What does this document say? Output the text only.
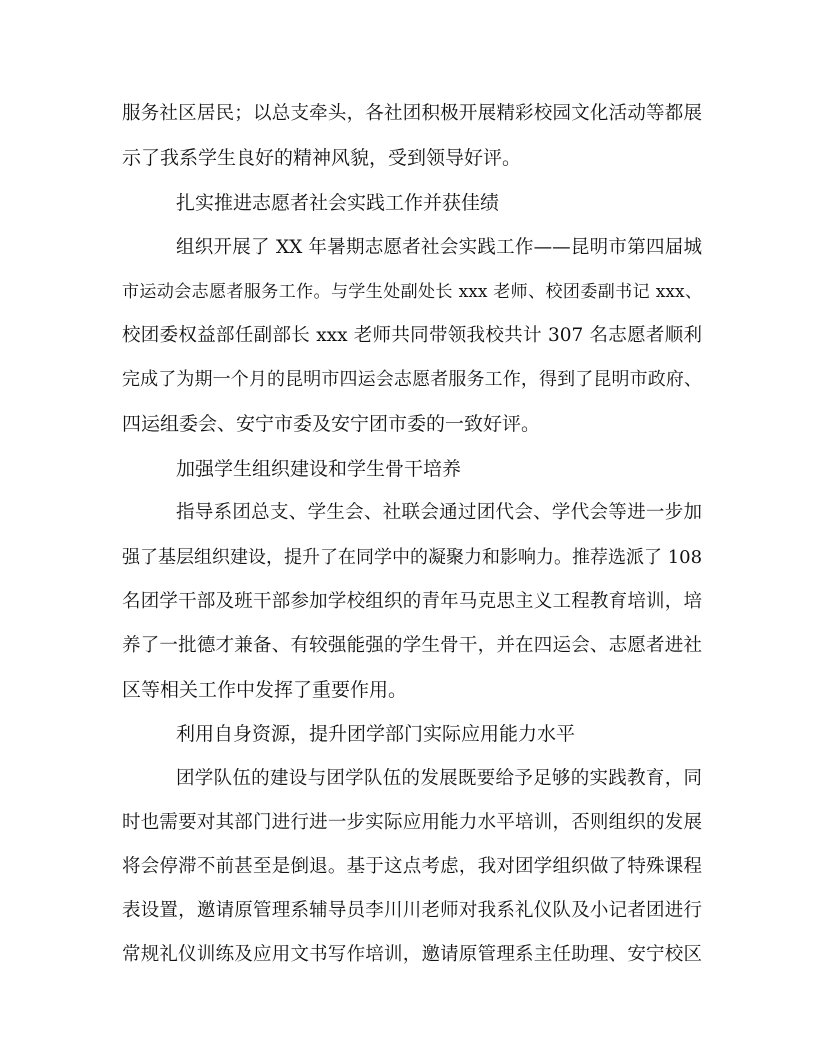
服务社区居民；以总支牵头，各社团积极开展精彩校园文化活动等都展
示了我系学生良好的精神风貌，受到领导好评。
扎实推进志愿者社会实践工作并获佳绩
组织开展了 XX 年暑期志愿者社会实践工作——昆明市第四届城
市运动会志愿者服务工作。与学生处副处长 xxx 老师、校团委副书记 xxx、
校团委权益部任副部长 xxx 老师共同带领我校共计 307 名志愿者顺利
完成了为期一个月的昆明市四运会志愿者服务工作，得到了昆明市政府、
四运组委会、安宁市委及安宁团市委的一致好评。
加强学生组织建设和学生骨干培养
指导系团总支、学生会、社联会通过团代会、学代会等进一步加
强了基层组织建设，提升了在同学中的凝聚力和影响力。推荐选派了 108
名团学干部及班干部参加学校组织的青年马克思主义工程教育培训，培
养了一批德才兼备、有较强能强的学生骨干，并在四运会、志愿者进社
区等相关工作中发挥了重要作用。
利用自身资源，提升团学部门实际应用能力水平
团学队伍的建设与团学队伍的发展既要给予足够的实践教育，同
时也需要对其部门进行进一步实际应用能力水平培训，否则组织的发展
将会停滞不前甚至是倒退。基于这点考虑，我对团学组织做了特殊课程
表设置，邀请原管理系辅导员李川川老师对我系礼仪队及小记者团进行
常规礼仪训练及应用文书写作培训，邀请原管理系主任助理、安宁校区
